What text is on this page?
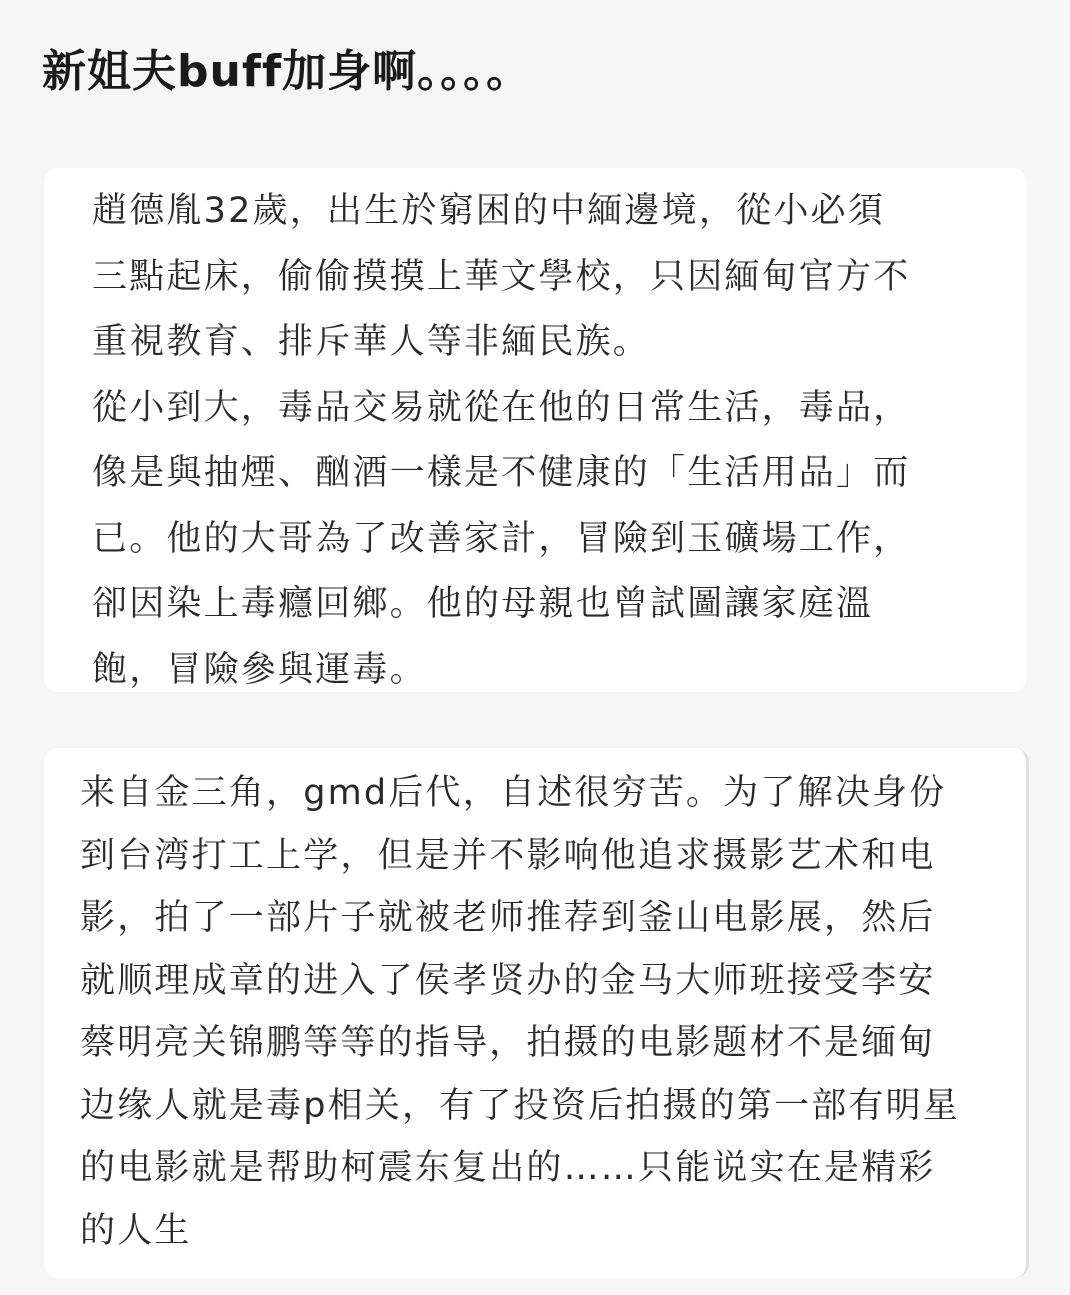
新姐夫buff加身啊。。。。

趙德胤32歲，出生於窮困的中緬邊境，從小必須
三點起床，偷偷摸摸上華文學校，只因緬甸官方不
重視教育、排斥華人等非緬民族。
從小到大，毒品交易就從在他的日常生活，毒品，
像是與抽煙、酗酒一樣是不健康的「生活用品」而
已。他的大哥為了改善家計，冒險到玉礦場工作，
卻因染上毒癮回鄉。他的母親也曾試圖讓家庭溫
飽，冒險參與運毒。

来自金三角，gmd后代，自述很穷苦。为了解决身份
到台湾打工上学，但是并不影响他追求摄影艺术和电
影，拍了一部片子就被老师推荐到釜山电影展，然后
就顺理成章的进入了侯孝贤办的金马大师班接受李安
蔡明亮关锦鹏等等的指导，拍摄的电影题材不是缅甸
边缘人就是毒p相关，有了投资后拍摄的第一部有明星
的电影就是帮助柯震东复出的……只能说实在是精彩
的人生
